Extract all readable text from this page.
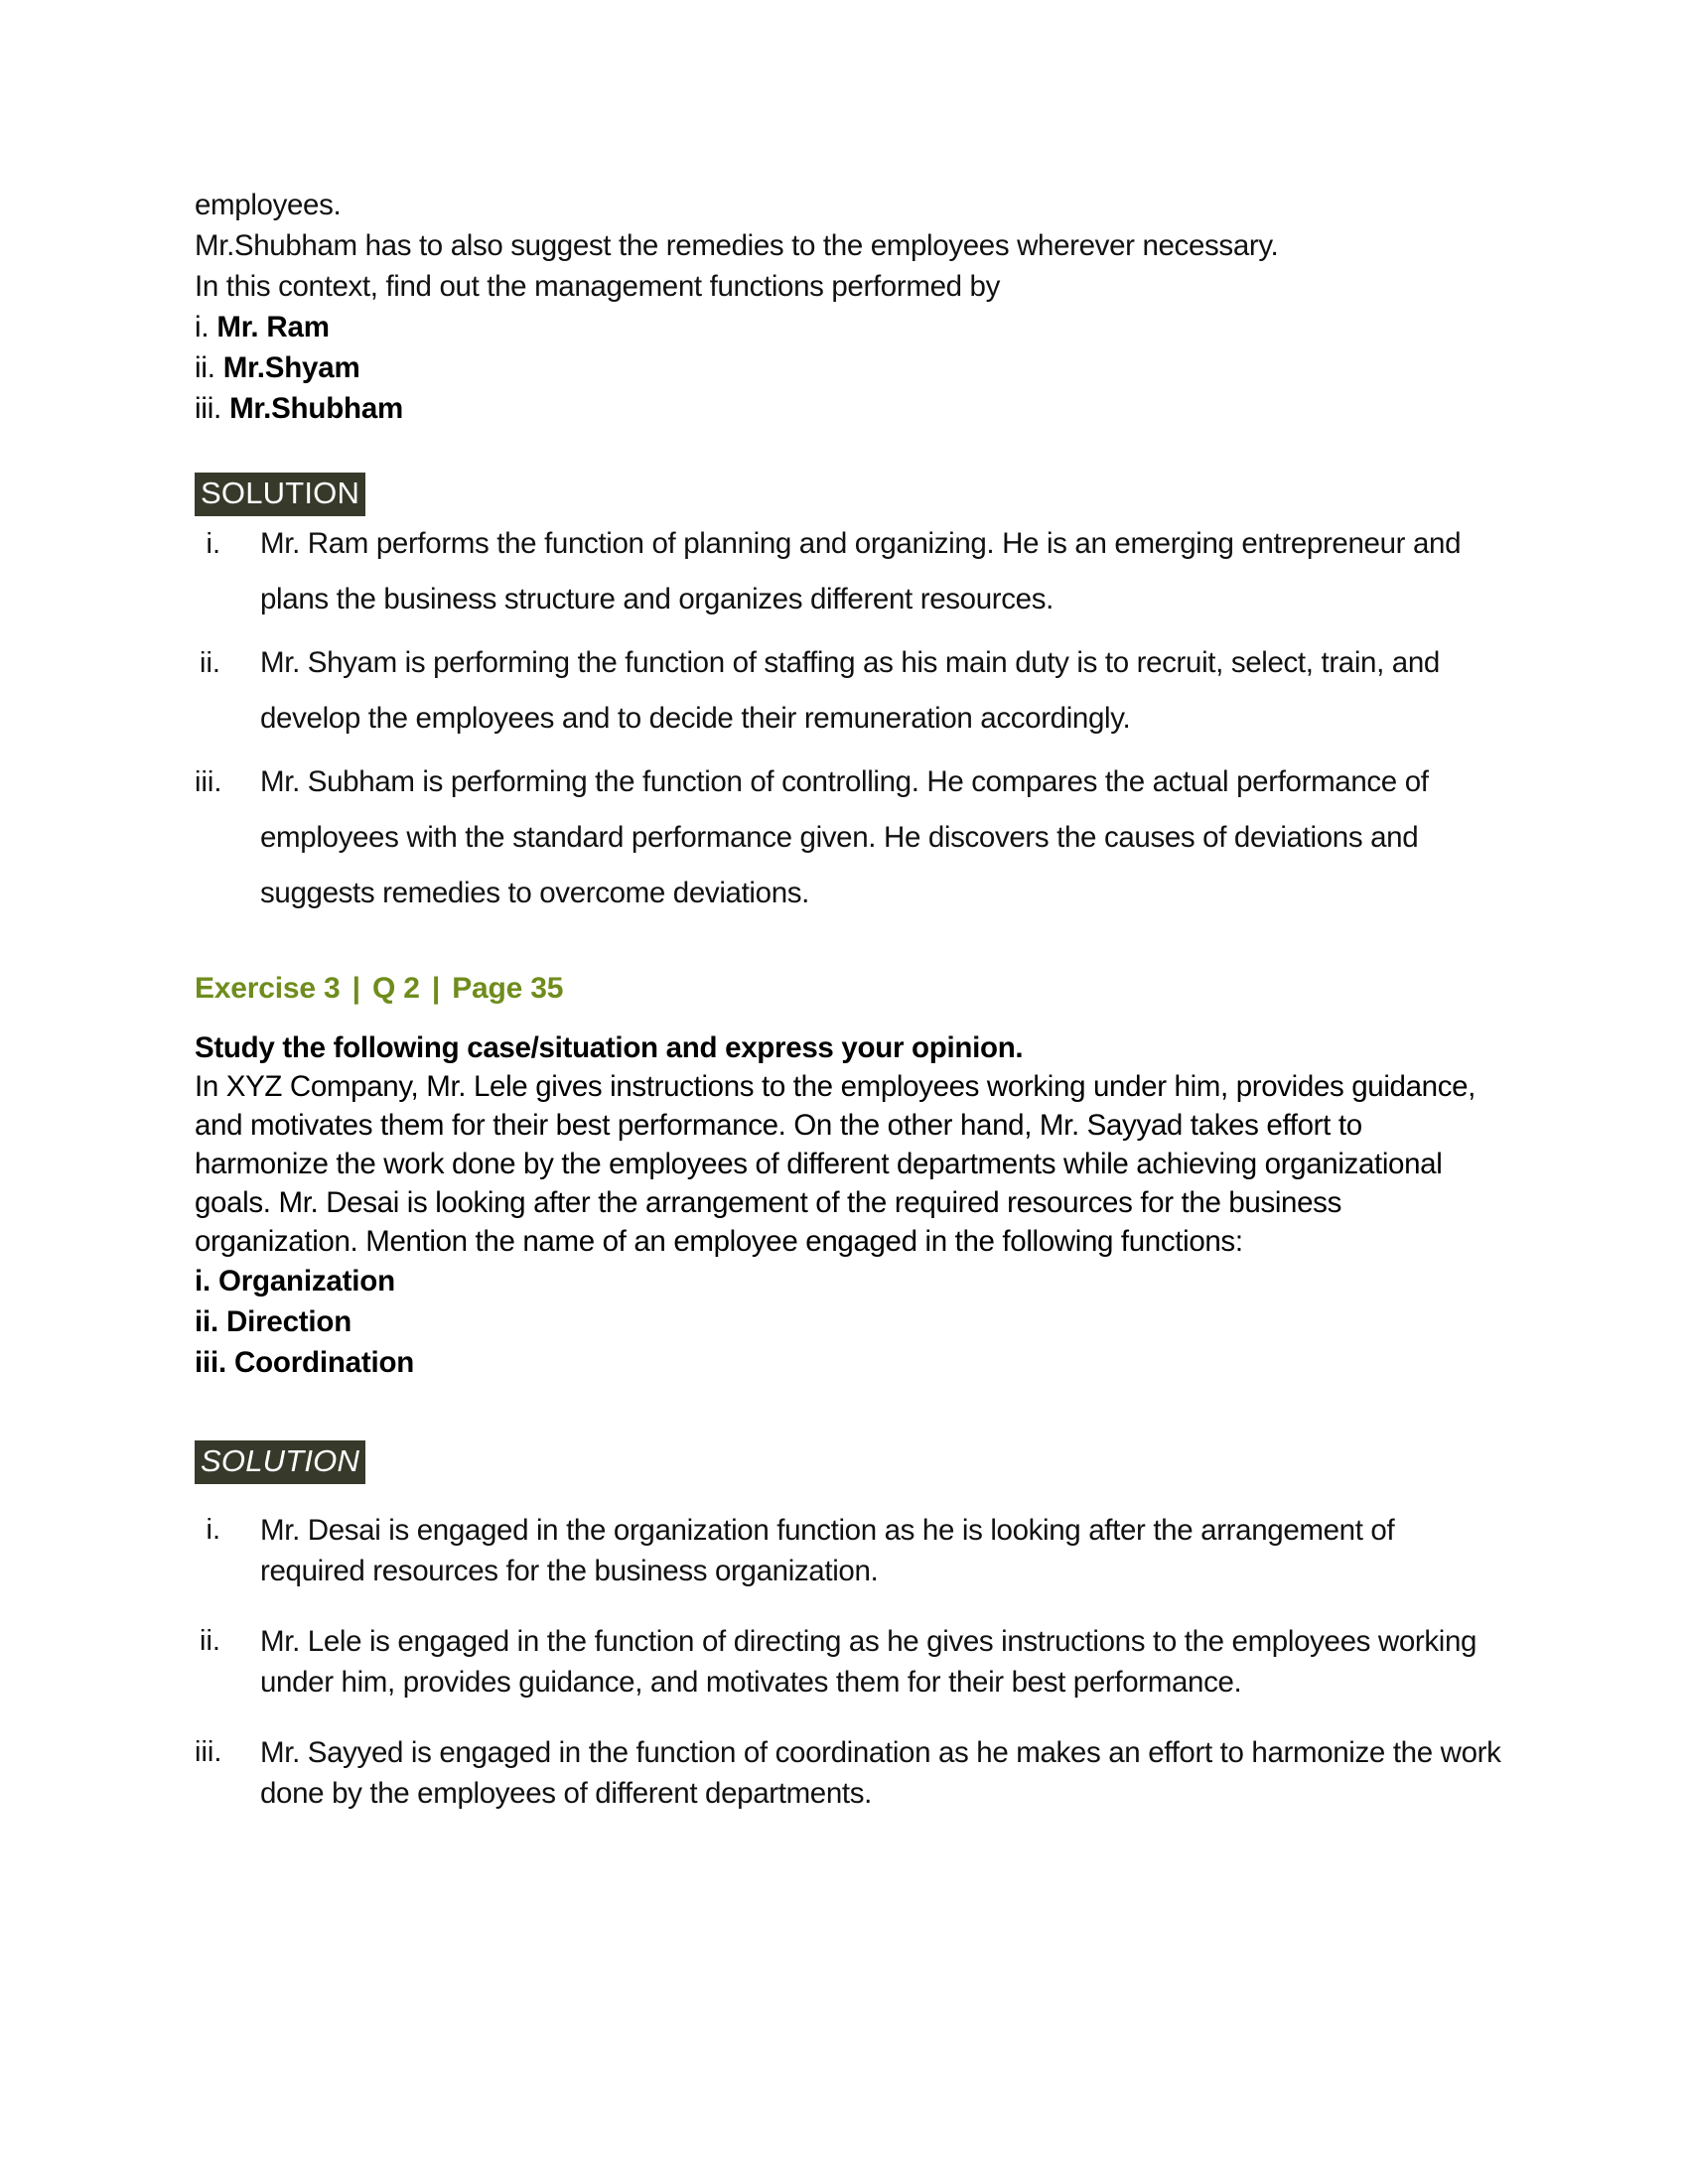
employees.
Mr.Shubham has to also suggest the remedies to the employees wherever necessary.
In this context, find out the management functions performed by
i. Mr. Ram
ii. Mr.Shyam
iii. Mr.Shubham
SOLUTION
i.	Mr. Ram performs the function of planning and organizing. He is an emerging entrepreneur and plans the business structure and organizes different resources.
ii.	Mr. Shyam is performing the function of staffing as his main duty is to recruit, select, train, and develop the employees and to decide their remuneration accordingly.
iii.	Mr. Subham is performing the function of controlling. He compares the actual performance of employees with the standard performance given. He discovers the causes of deviations and suggests remedies to overcome deviations.
Exercise 3 | Q 2 | Page 35
Study the following case/situation and express your opinion.
In XYZ Company, Mr. Lele gives instructions to the employees working under him, provides guidance, and motivates them for their best performance. On the other hand, Mr. Sayyad takes effort to harmonize the work done by the employees of different departments while achieving organizational goals. Mr. Desai is looking after the arrangement of the required resources for the business organization. Mention the name of an employee engaged in the following functions:
i. Organization
ii. Direction
iii. Coordination
SOLUTION
i.	Mr. Desai is engaged in the organization function as he is looking after the arrangement of required resources for the business organization.
ii.	Mr. Lele is engaged in the function of directing as he gives instructions to the employees working under him, provides guidance, and motivates them for their best performance.
iii.	Mr. Sayyed is engaged in the function of coordination as he makes an effort to harmonize the work done by the employees of different departments.
